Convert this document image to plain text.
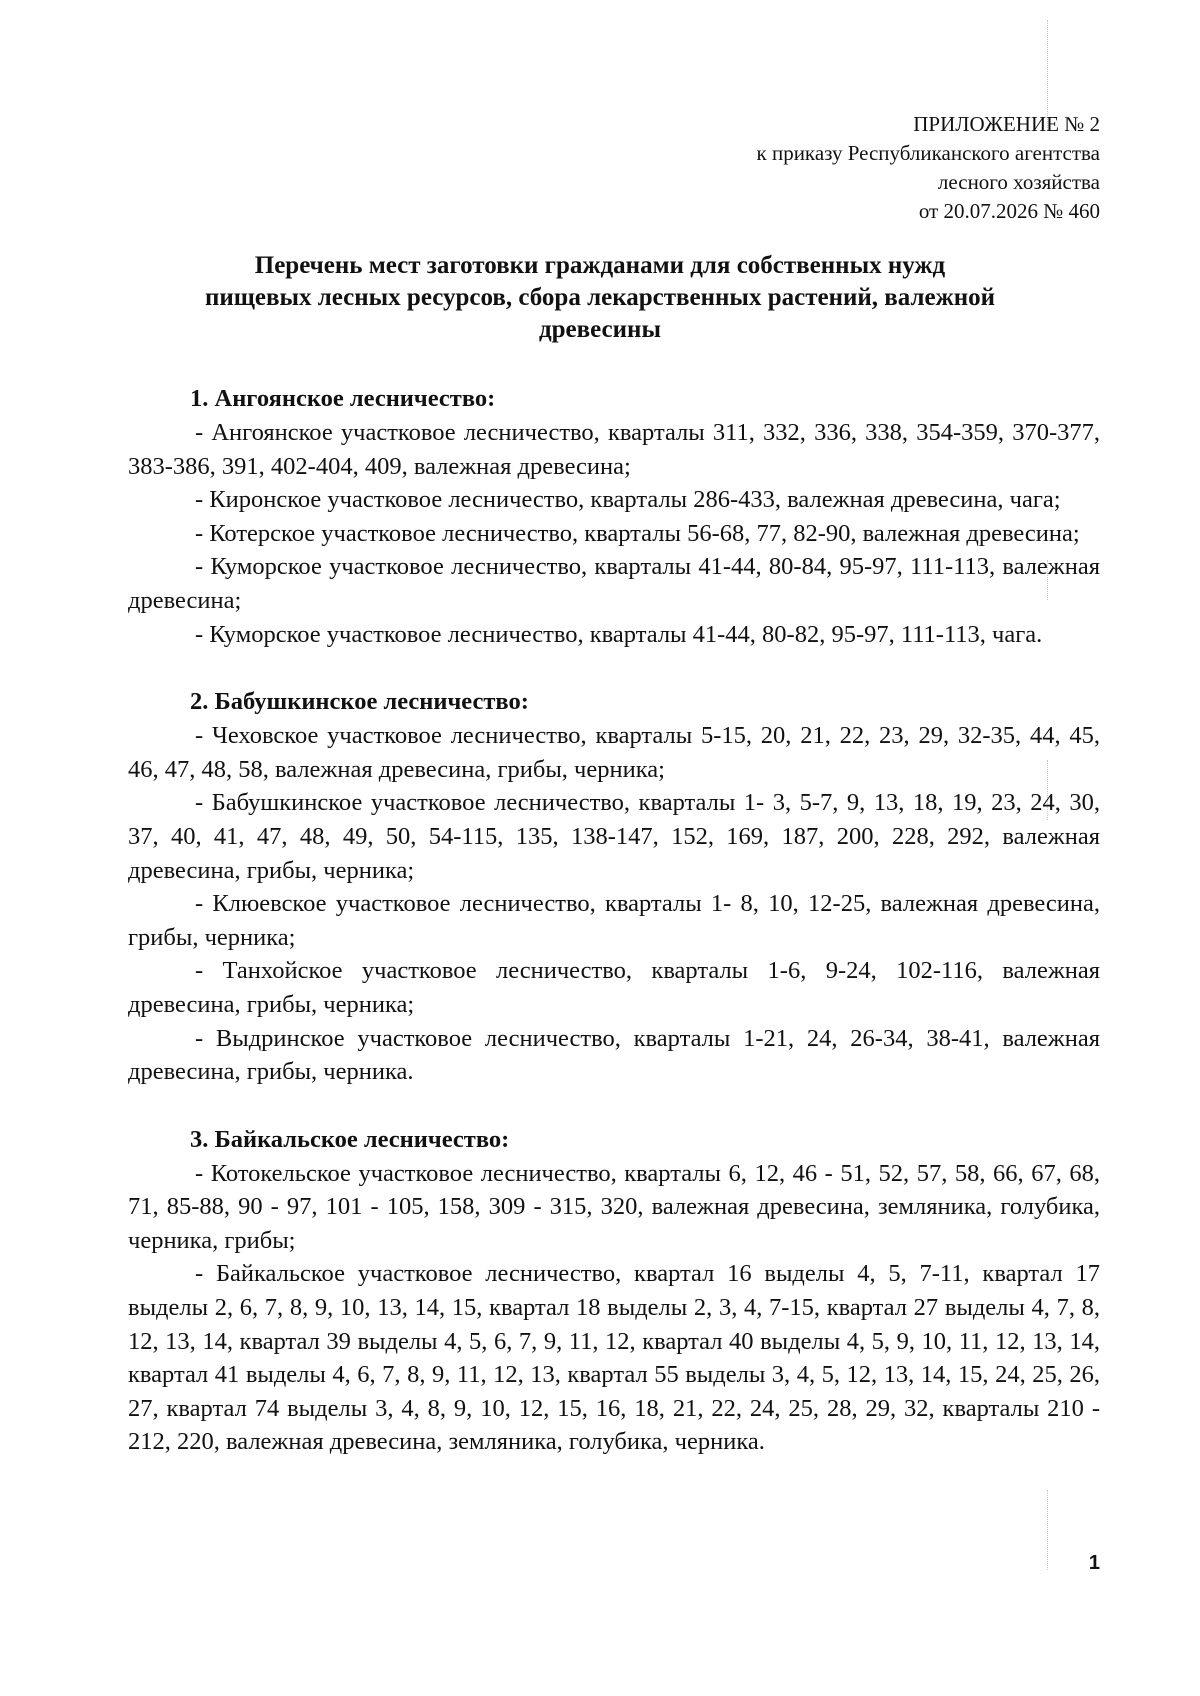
ПРИЛОЖЕНИЕ № 2
к приказу Республиканского агентства
лесного хозяйства
от 20.07.2026 № 460
Перечень мест заготовки гражданами для собственных нужд
пищевых лесных ресурсов, сбора лекарственных растений, валежной
древесины

1. Ангоянское лесничество:

- Ангоянское участковое лесничество, кварталы 311, 332, 336, 338, 354-359, 370-377, 383-386, 391, 402-404, 409, валежная древесина;

- Киронское участковое лесничество, кварталы 286-433, валежная древесина, чага;

- Котерское участковое лесничество, кварталы 56-68, 77, 82-90, валежная древесина;

- Куморское участковое лесничество, кварталы 41-44, 80-84, 95-97, 111-113, валежная древесина;

- Куморское участковое лесничество, кварталы 41-44, 80-82, 95-97, 111-113, чага.

2. Бабушкинское лесничество:

- Чеховское участковое лесничество, кварталы 5-15, 20, 21, 22, 23, 29, 32-35, 44, 45, 46, 47, 48, 58, валежная древесина, грибы, черника;

- Бабушкинское участковое лесничество, кварталы 1- 3, 5-7, 9, 13, 18, 19, 23, 24, 30, 37, 40, 41, 47, 48, 49, 50, 54-115, 135, 138-147, 152, 169, 187, 200, 228, 292, валежная древесина, грибы, черника;

- Клюевское участковое лесничество, кварталы 1- 8, 10, 12-25, валежная древесина, грибы, черника;

- Танхойское участковое лесничество, кварталы 1-6, 9-24, 102-116, валежная древесина, грибы, черника;

- Выдринское участковое лесничество, кварталы 1-21, 24, 26-34, 38-41, валежная древесина, грибы, черника.

3. Байкальское лесничество:

- Котокельское участковое лесничество, кварталы 6, 12, 46 - 51, 52, 57, 58, 66, 67, 68, 71, 85-88, 90 - 97, 101 - 105, 158, 309 - 315, 320, валежная древесина, земляника, голубика, черника, грибы;

- Байкальское участковое лесничество, квартал 16 выделы 4, 5, 7-11, квартал 17 выделы 2, 6, 7, 8, 9, 10, 13, 14, 15, квартал 18 выделы 2, 3, 4, 7-15, квартал 27 выделы 4, 7, 8, 12, 13, 14, квартал 39 выделы 4, 5, 6, 7, 9, 11, 12, квартал 40 выделы 4, 5, 9, 10, 11, 12, 13, 14, квартал 41 выделы 4, 6, 7, 8, 9, 11, 12, 13, квартал 55 выделы 3, 4, 5, 12, 13, 14, 15, 24, 25, 26, 27, квартал 74 выделы 3, 4, 8, 9, 10, 12, 15, 16, 18, 21, 22, 24, 25, 28, 29, 32, кварталы 210 - 212, 220, валежная древесина, земляника, голубика, черника.

1
